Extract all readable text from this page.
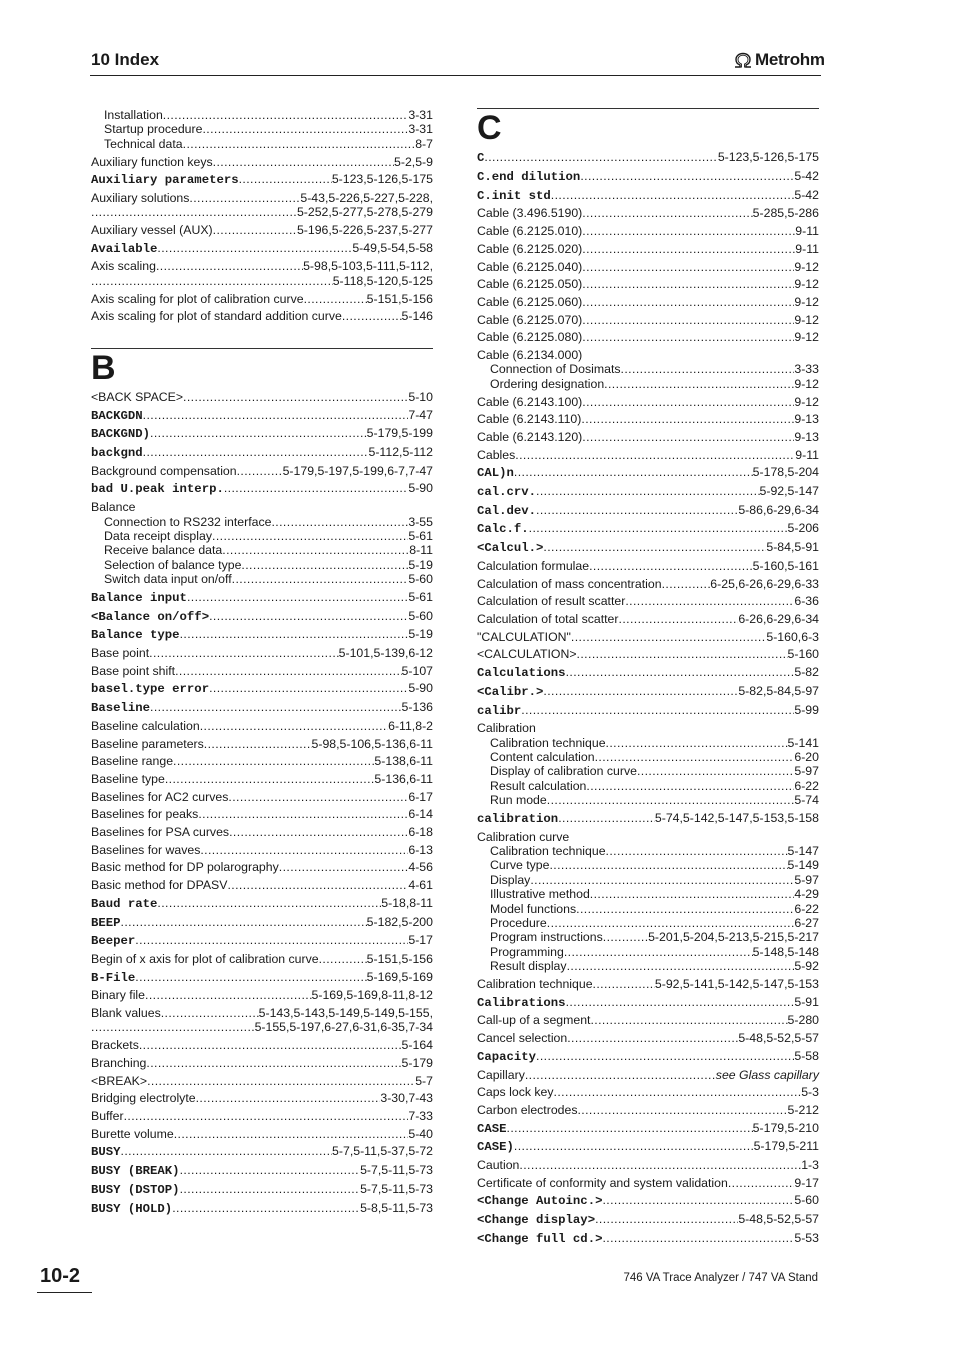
10 Index	Metrohm
Installation .....	3-31
Startup procedure .....	3-31
Technical data .....	8-7
Auxiliary function keys .....	5-2,5-9
Auxiliary parameters .....	5-123,5-126,5-175
Auxiliary solutions .....	5-43,5-226,5-227,5-228,
.....
5-252,5-277,5-278,5-279
Auxiliary vessel (AUX) .....	5-196,5-226,5-237,5-277
Available .....	5-49,5-54,5-58
Axis scaling .....	5-98,5-103,5-111,5-112,
.....
5-118,5-120,5-125
Axis scaling for plot of calibration curve .....	5-151,5-156
Axis scaling for plot of standard addition curve .....	5-146
B
<BACK SPACE> .....	5-10
BACKGDN .....	7-47
BACKGND) .....	5-179,5-199
backgnd .....	5-112,5-112
Background compensation .....	5-179,5-197,5-199,6-7,7-47
bad U.peak interp. .....	5-90
Balance
Connection to RS232 interface .....	3-55
Data receipt display .....	5-61
Receive balance data .....	8-11
Selection of balance type .....	5-19
Switch data input on/off .....	5-60
Balance input .....	5-61
<Balance on/off> .....	5-60
Balance type .....	5-19
Base point .....	5-101,5-139,6-12
Base point shift .....	5-107
basel.type error .....	5-90
Baseline .....	5-136
Baseline calculation .....	6-11,8-2
Baseline parameters .....	5-98,5-106,5-136,6-11
Baseline range .....	5-138,6-11
Baseline type .....	5-136,6-11
Baselines for AC2 curves .....	6-17
Baselines for peaks .....	6-14
Baselines for PSA curves .....	6-18
Baselines for waves .....	6-13
Basic method for DP polarography .....	4-56
Basic method for DPASV .....	4-61
Baud rate .....	5-18,8-11
BEEP .....	5-182,5-200
Beeper .....	5-17
Begin of x axis for plot of calibration curve .....	5-151,5-156
B-File .....	5-169,5-169
Binary file .....	5-169,5-169,8-11,8-12
Blank values .....	5-143,5-143,5-149,5-149,5-155,
.....
5-155,5-197,6-27,6-31,6-35,7-34
Brackets .....	5-164
Branching .....	5-179
<BREAK> .....	5-7
Bridging electrolyte .....	3-30,7-43
Buffer .....	7-33
Burette volume .....	5-40
BUSY .....	5-7,5-11,5-37,5-72
BUSY (BREAK) .....	5-7,5-11,5-73
BUSY (DSTOP) .....	5-7,5-11,5-73
BUSY (HOLD) .....	5-8,5-11,5-73
C
C .....	5-123,5-126,5-175
C.end dilution .....	5-42
C.init std .....	5-42
Cable (3.496.5190) .....	5-285,5-286
Cable (6.2125.010) .....	9-11
Cable (6.2125.020) .....	9-11
Cable (6.2125.040) .....	9-12
Cable (6.2125.050) .....	9-12
Cable (6.2125.060) .....	9-12
Cable (6.2125.070) .....	9-12
Cable (6.2125.080) .....	9-12
Cable (6.2134.000)
Connection of Dosimats .....	3-33
Ordering designation .....	9-12
Cable (6.2143.100) .....	9-12
Cable (6.2143.110) .....	9-13
Cable (6.2143.120) .....	9-13
Cables .....	9-11
CAL)n .....	5-178,5-204
cal.crv. .....	5-92,5-147
Cal.dev. .....	5-86,6-29,6-34
Calc.f. .....	5-206
<Calcul.> .....	5-84,5-91
Calculation formulae .....	5-160,5-161
Calculation of mass concentration .....	6-25,6-26,6-29,6-33
Calculation of result scatter .....	6-36
Calculation of total scatter .....	6-26,6-29,6-34
"CALCULATION" .....	5-160,6-3
<CALCULATION> .....	5-160
Calculations .....	5-82
<Calibr.> .....	5-82,5-84,5-97
calibr .....	5-99
Calibration
Calibration technique .....	5-141
Content calculation .....	6-20
Display of calibration curve .....	5-97
Result calculation .....	6-22
Run mode .....	5-74
calibration .....	5-74,5-142,5-147,5-153,5-158
Calibration curve
Calibration technique .....	5-147
Curve type .....	5-149
Display .....	5-97
Illustrative method .....	4-29
Model functions .....	6-22
Procedure .....	6-27
Program instructions .....	5-201,5-204,5-213,5-215,5-217
Programming .....	5-148,5-148
Result display .....	5-92
Calibration technique .....	5-92,5-141,5-142,5-147,5-153
Calibrations .....	5-91
Call-up of a segment .....	5-280
Cancel selection .....	5-48,5-52,5-57
Capacity .....	5-58
Capillary .....	see Glass capillary
Caps lock key .....	5-3
Carbon electrodes .....	5-212
CASE .....	5-179,5-210
CASE) .....	5-179,5-211
Caution .....	1-3
Certificate of conformity and system validation .....	9-17
<Change Autoinc.> .....	5-60
<Change display> .....	5-48,5-52,5-57
<Change full cd.> .....	5-53
10-2	746 VA Trace Analyzer / 747 VA Stand
